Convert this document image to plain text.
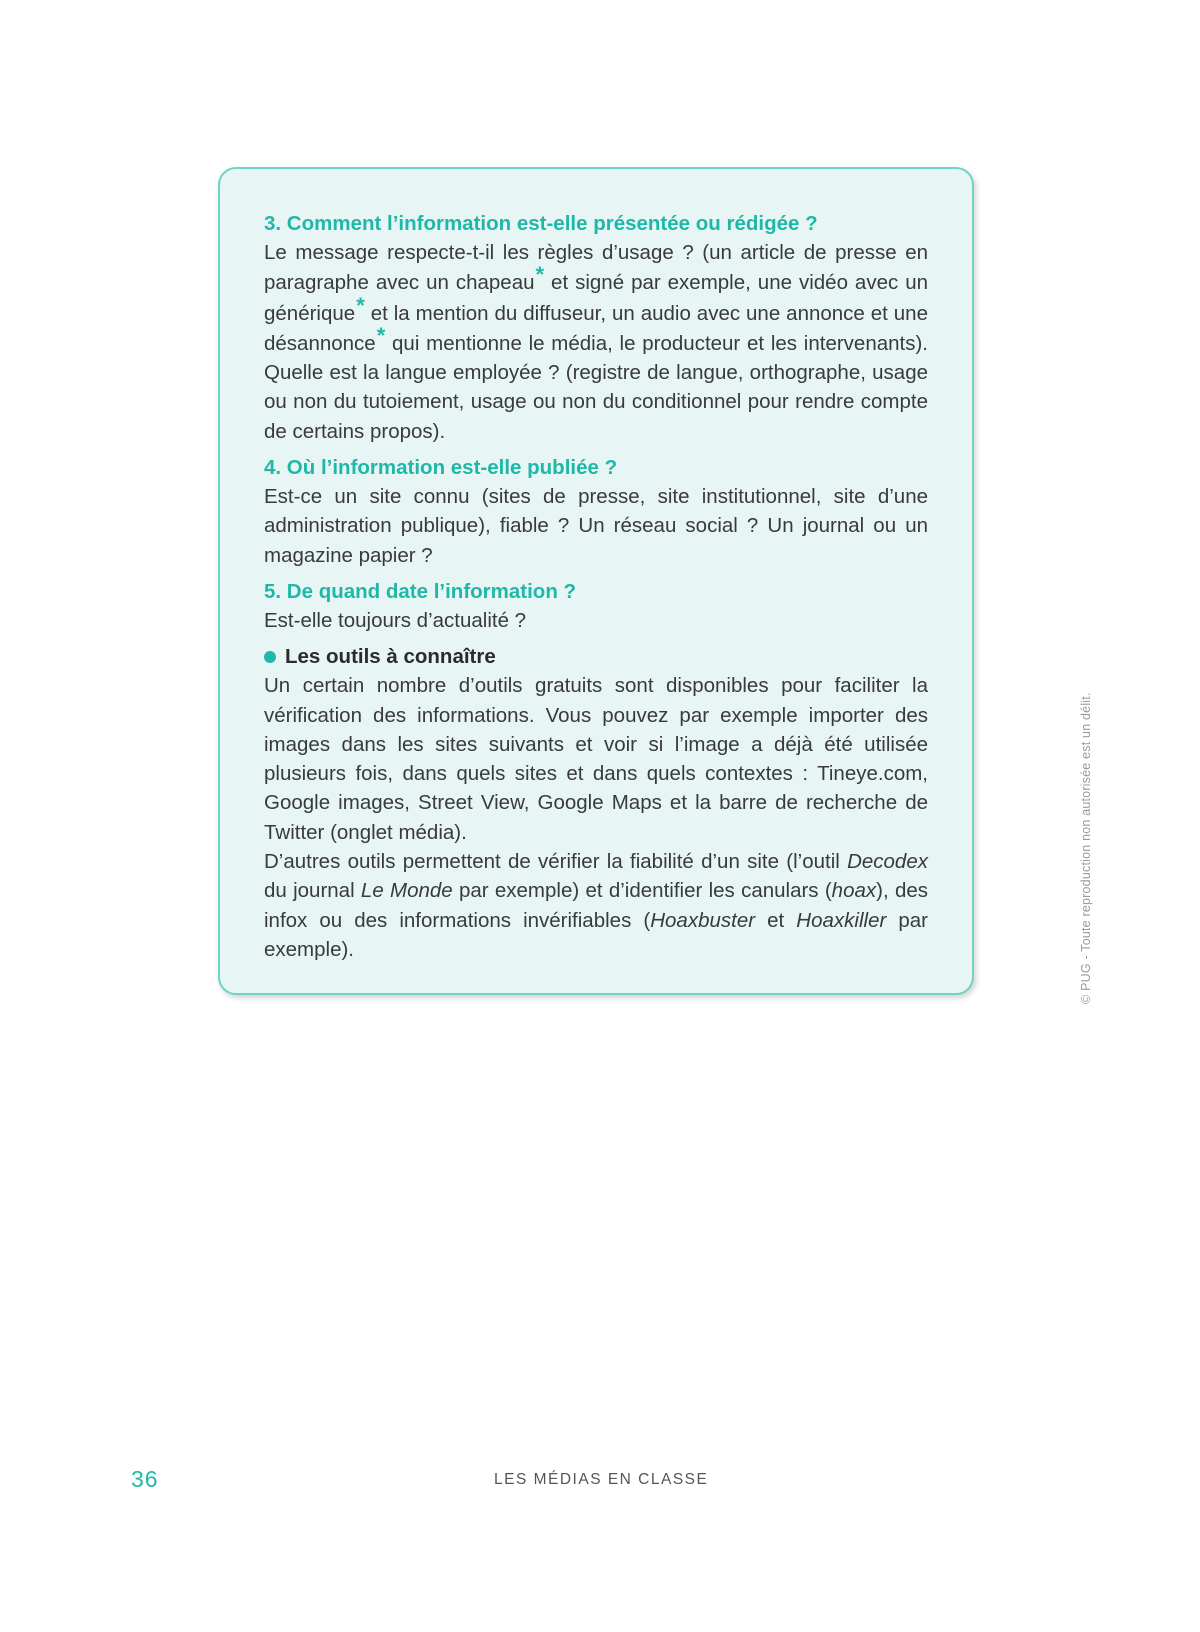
3. Comment l’information est-elle présentée ou rédigée ?

Le message respecte-t-il les règles d’usage ? (un article de presse en paragraphe avec un chapeau* et signé par exemple, une vidéo avec un générique* et la mention du diffuseur, un audio avec une annonce et une désannonce* qui mentionne le média, le producteur et les intervenants). Quelle est la langue employée ? (registre de langue, orthographe, usage ou non du tutoiement, usage ou non du conditionnel pour rendre compte de certains propos).

4. Où l’information est-elle publiée ?

Est-ce un site connu (sites de presse, site institutionnel, site d’une administration publique), fiable ? Un réseau social ? Un journal ou un magazine papier ?

5. De quand date l’information ?

Est-elle toujours d’actualité ?

Les outils à connaître

Un certain nombre d’outils gratuits sont disponibles pour faciliter la vérification des informations. Vous pouvez par exemple importer des images dans les sites suivants et voir si l’image a déjà été utilisée plusieurs fois, dans quels sites et dans quels contextes : Tineye.com, Google images, Street View, Google Maps et la barre de recherche de Twitter (onglet média).

D’autres outils permettent de vérifier la fiabilité d’un site (l’outil Decodex du journal Le Monde par exemple) et d’identifier les canulars (hoax), des infox ou des informations invérifiables (Hoaxbuster et Hoaxkiller par exemple).	© PUG - Toute reproduction non autorisée est un délit.
36	LES MÉDIAS EN CLASSE
